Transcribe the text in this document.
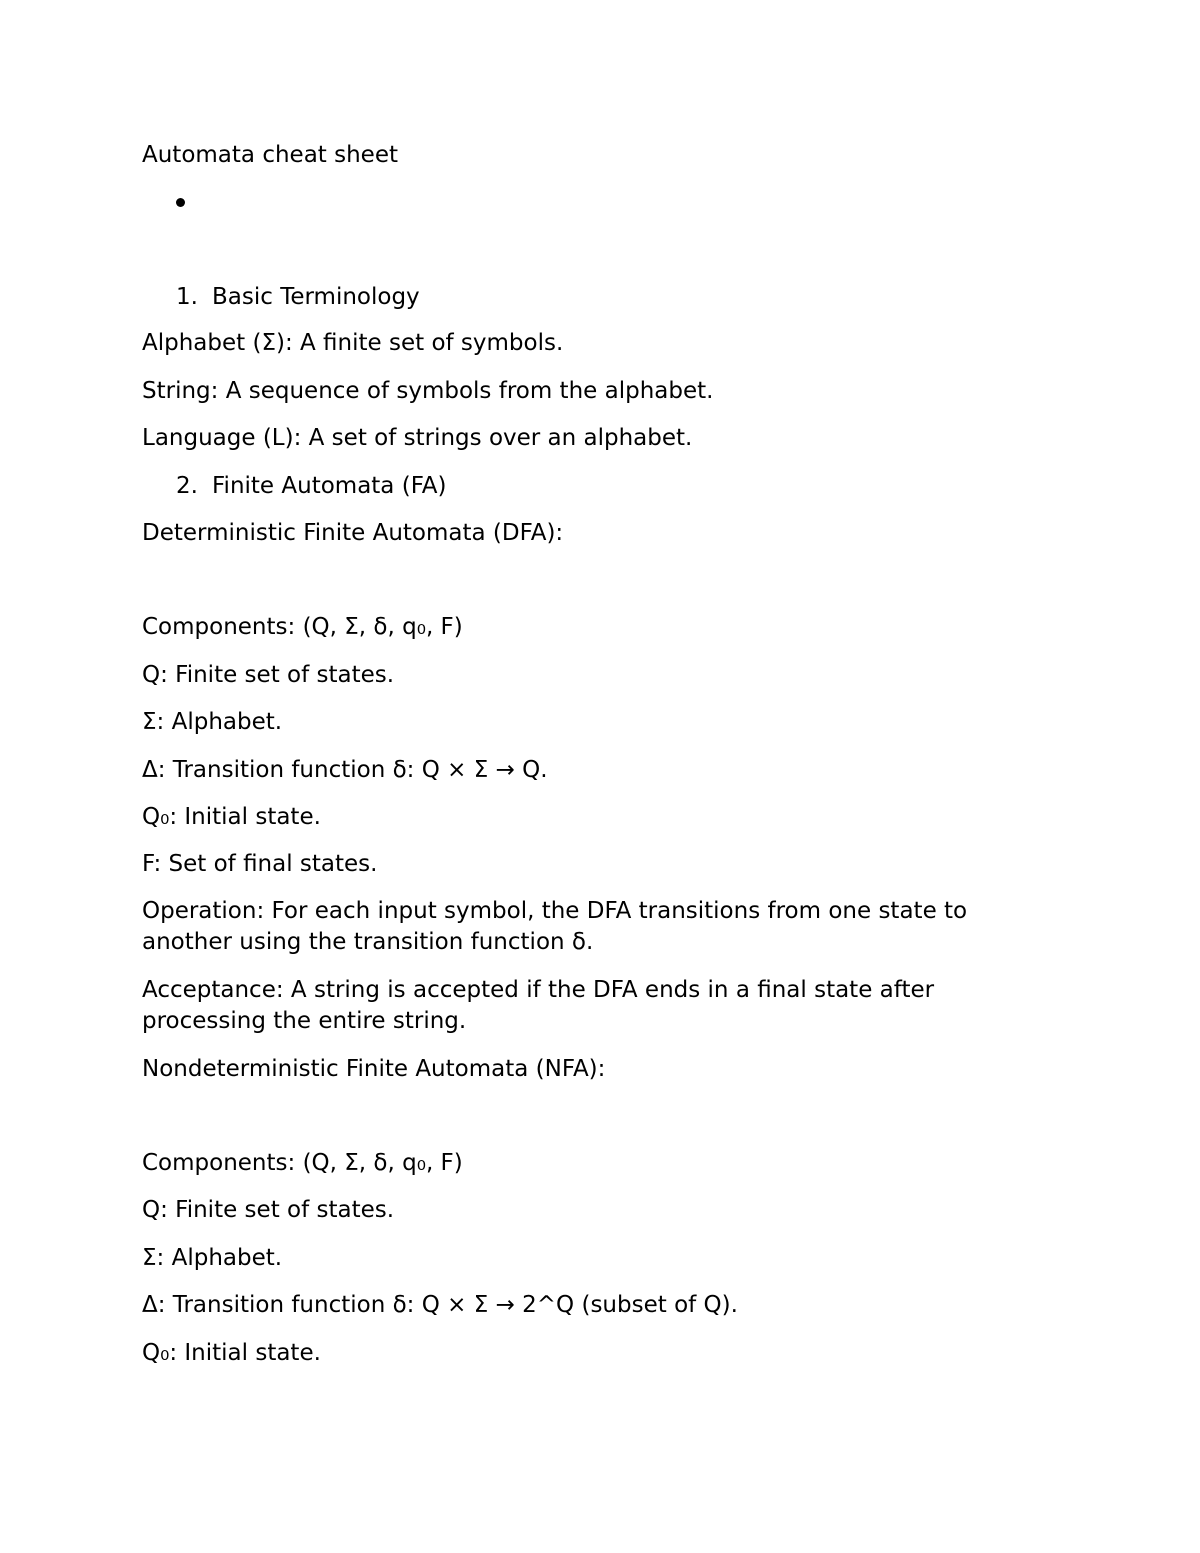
Automata cheat sheet
1. Basic Terminology
Alphabet (Σ): A finite set of symbols.
String: A sequence of symbols from the alphabet.
Language (L): A set of strings over an alphabet.
2. Finite Automata (FA)
Deterministic Finite Automata (DFA):
Components: (Q, Σ, δ, q₀, F)
Q: Finite set of states.
Σ: Alphabet.
Δ: Transition function δ: Q × Σ → Q.
Q₀: Initial state.
F: Set of final states.
Operation: For each input symbol, the DFA transitions from one state to another using the transition function δ.
Acceptance: A string is accepted if the DFA ends in a final state after processing the entire string.
Nondeterministic Finite Automata (NFA):
Components: (Q, Σ, δ, q₀, F)
Q: Finite set of states.
Σ: Alphabet.
Δ: Transition function δ: Q × Σ → 2^Q (subset of Q).
Q₀: Initial state.
